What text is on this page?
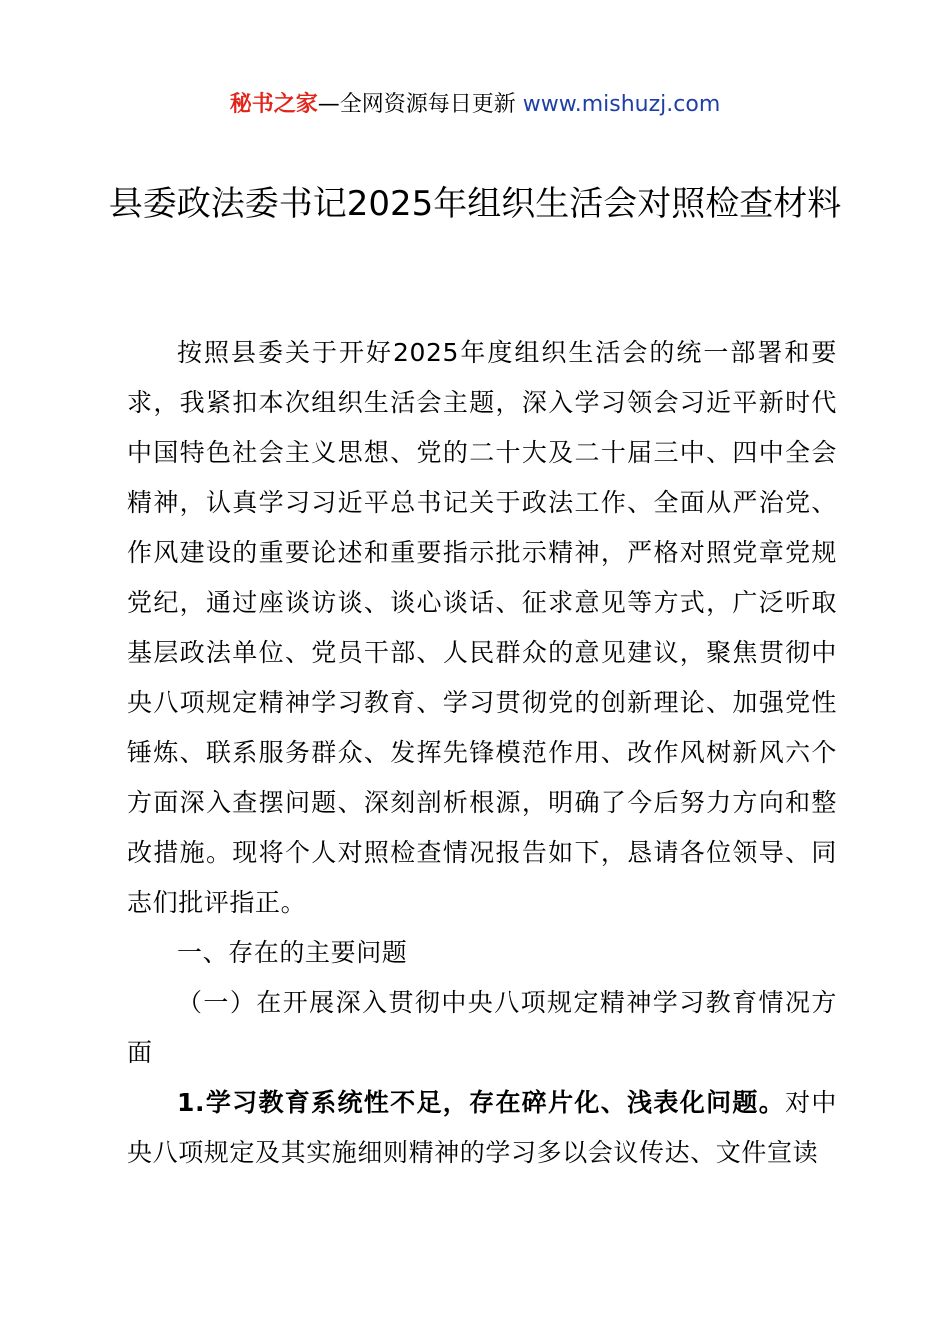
秘书之家—全网资源每日更新 www.mishuzj.com
县委政法委书记2025年组织生活会对照检查材料

按照县委关于开好2025年度组织生活会的统一部署和要求，我紧扣本次组织生活会主题，深入学习领会习近平新时代中国特色社会主义思想、党的二十大及二十届三中、四中全会精神，认真学习习近平总书记关于政法工作、全面从严治党、作风建设的重要论述和重要指示批示精神，严格对照党章党规党纪，通过座谈访谈、谈心谈话、征求意见等方式，广泛听取基层政法单位、党员干部、人民群众的意见建议，聚焦贯彻中央八项规定精神学习教育、学习贯彻党的创新理论、加强党性锤炼、联系服务群众、发挥先锋模范作用、改作风树新风六个方面深入查摆问题、深刻剖析根源，明确了今后努力方向和整改措施。现将个人对照检查情况报告如下，恳请各位领导、同志们批评指正。

一、存在的主要问题

（一）在开展深入贯彻中央八项规定精神学习教育情况方面

1.学习教育系统性不足，存在碎片化、浅表化问题。对中央八项规定及其实施细则精神的学习多以会议传达、文件宣读
